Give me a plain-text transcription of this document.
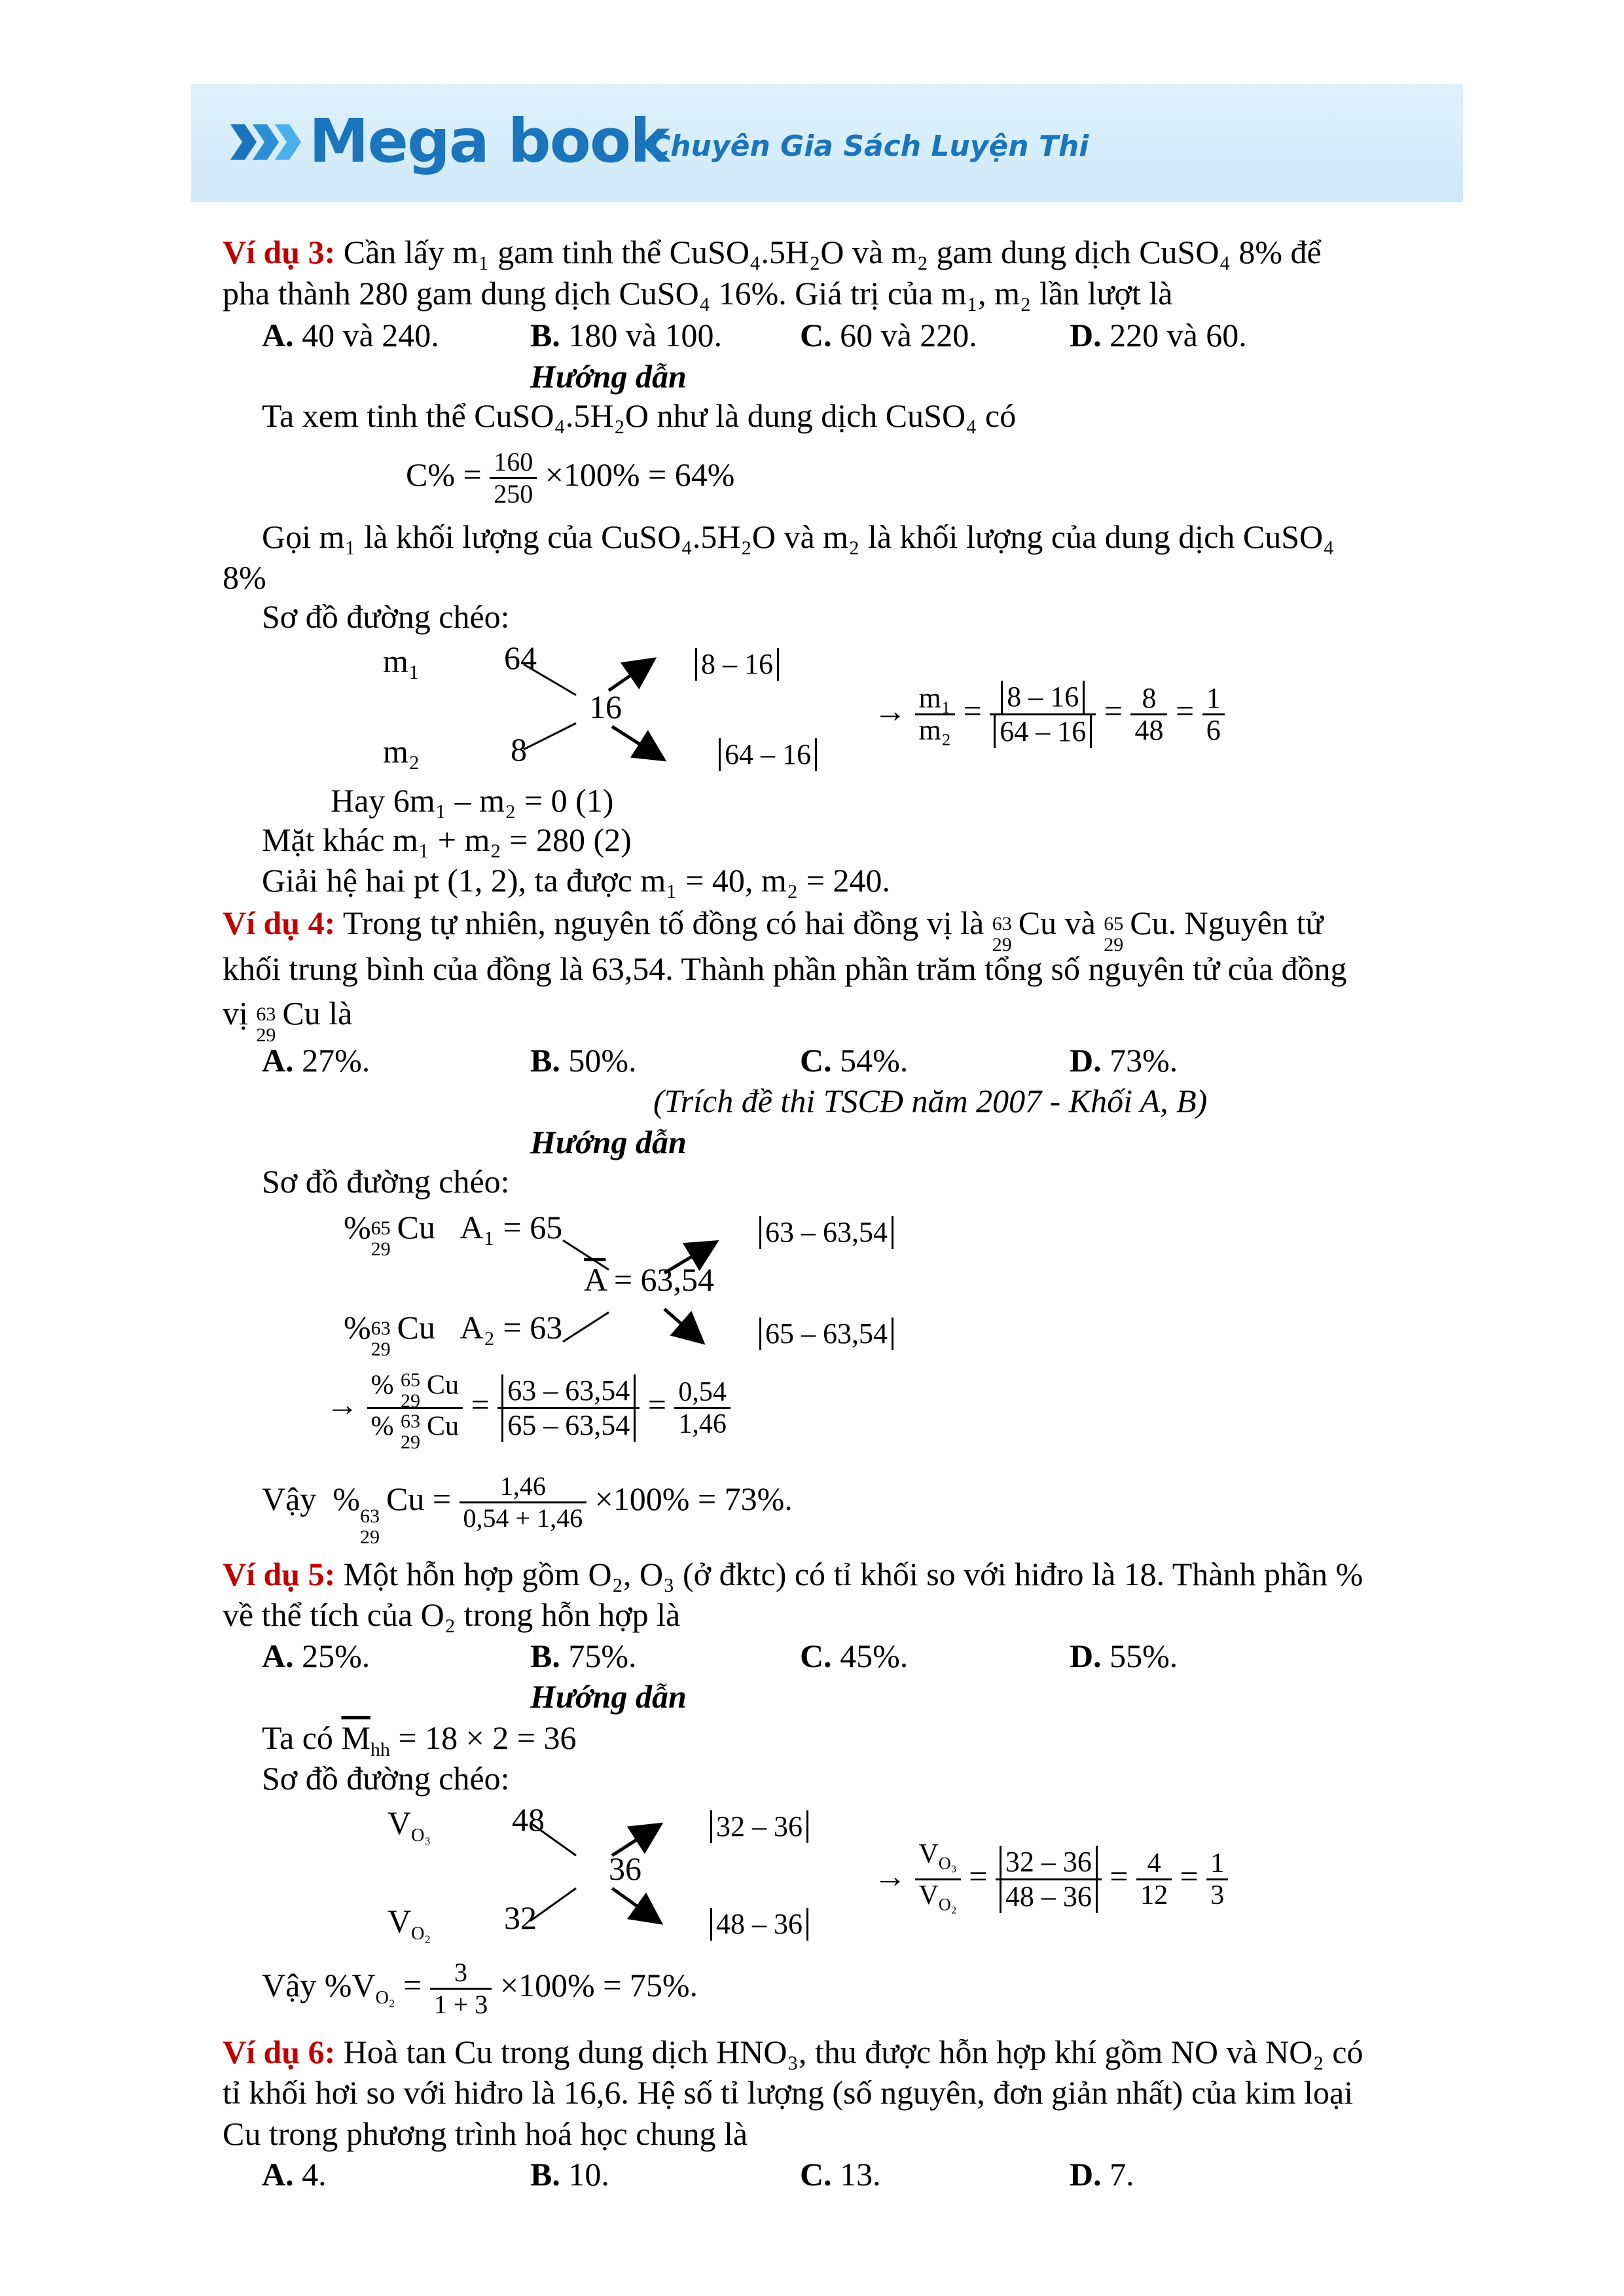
Mega book
Chuyên Gia Sách Luyện Thi
Ví dụ 3: Cần lấy m₁ gam tinh thể CuSO₄.5H₂O và m₂ gam dung dịch CuSO₄ 8% để
pha thành 280 gam dung dịch CuSO₄ 16%. Giá trị của m₁, m₂ lần lượt là
A. 40 và 240.	B. 180 và 100. C. 60 và 220.	D. 220 và 60.
Hướng dẫn
Ta xem tinh thể CuSO₄.5H₂O như là dung dịch CuSO₄ có
$C\% = \frac{160}{250} \times 100\% = 64\%$
Gọi m₁ là khối lượng của CuSO₄.5H₂O và m₂ là khối lượng của dung dịch CuSO₄
8%
Sơ đồ đường chéo:
m₁	64
16
m₂	8
8 – 16
64 – 16
→ $\frac{\text{m₁}}{\text{m₂}} = \frac{8 - 16}{64 - 16} = \frac{8}{48} = \frac{1}{6}$
Hay 6m₁ – m₂ = 0 (1)
Mặt khác m₁ + m₂ = 280 (2)
Giải hệ hai pt (1, 2), ta được m₁ = 40, m₂ = 240.
Ví dụ 4: Trong tự nhiên, nguyên tố đồng có hai đồng vị là 63
29
Cu và 65
29
Cu. Nguyên tử
khối trung bình của đồng là 63,54. Thành phần phần trăm tổng số nguyên tử của đồng
vị 63
29
Cu là
A. 27%.	B. 50%.	C. 54%.	D. 73%.
(Trích đề thi TSCĐ năm 2007 - Khối A, B)
Hướng dẫn
Sơ đồ đường chéo:
% 65
29
Cu A₁ = 65
$\overline{A} = 63,54$
% 63
29
Cu A₂ = 63
63 – 63,54
65 – 63,54
→ % 65
29
Cu
% 63
29
$Cu = \frac{63 - 63,54}{65 - 63,54} = \frac{0,54}{1,46}$
Vậy % 63
29
$Cu = \frac{1,46}{0,54 + 1,46} \times 100\% = 73\%$.
Ví dụ 5: Một hỗn hợp gồm O₂, O₃ (ở đktc) có tỉ khối so với hiđro là 18. Thành phần %
về thể tích của O₂ trong hỗn hợp là
A. 25%.	B. 75%.	C. 45%.	D. 55%.
Hướng dẫn
Ta có $\overline{M}_{hh} = 18 \times 2 = 36$
Sơ đồ đường chéo:
$V_{O_3}$ 48
36
$V_{O_2}$ 32
32 – 36
48 – 36
→ $\frac{V_{O_3}}{V_{O_2}} = \frac{32 - 36}{48 - 36} = \frac{4}{12} = \frac{1}{3}$
Vậy $\%V_{O_2} = \frac{3}{1 + 3} \times 100\% = 75\%$.
Ví dụ 6: Hoà tan Cu trong dung dịch HNO₃, thu được hỗn hợp khí gồm NO và NO₂ có
tỉ khối hơi so với hiđro là 16,6. Hệ số tỉ lượng (số nguyên, đơn giản nhất) của kim loại
Cu trong phương trình hoá học chung là
A. 4.	B. 10.	C. 13.	D. 7.
